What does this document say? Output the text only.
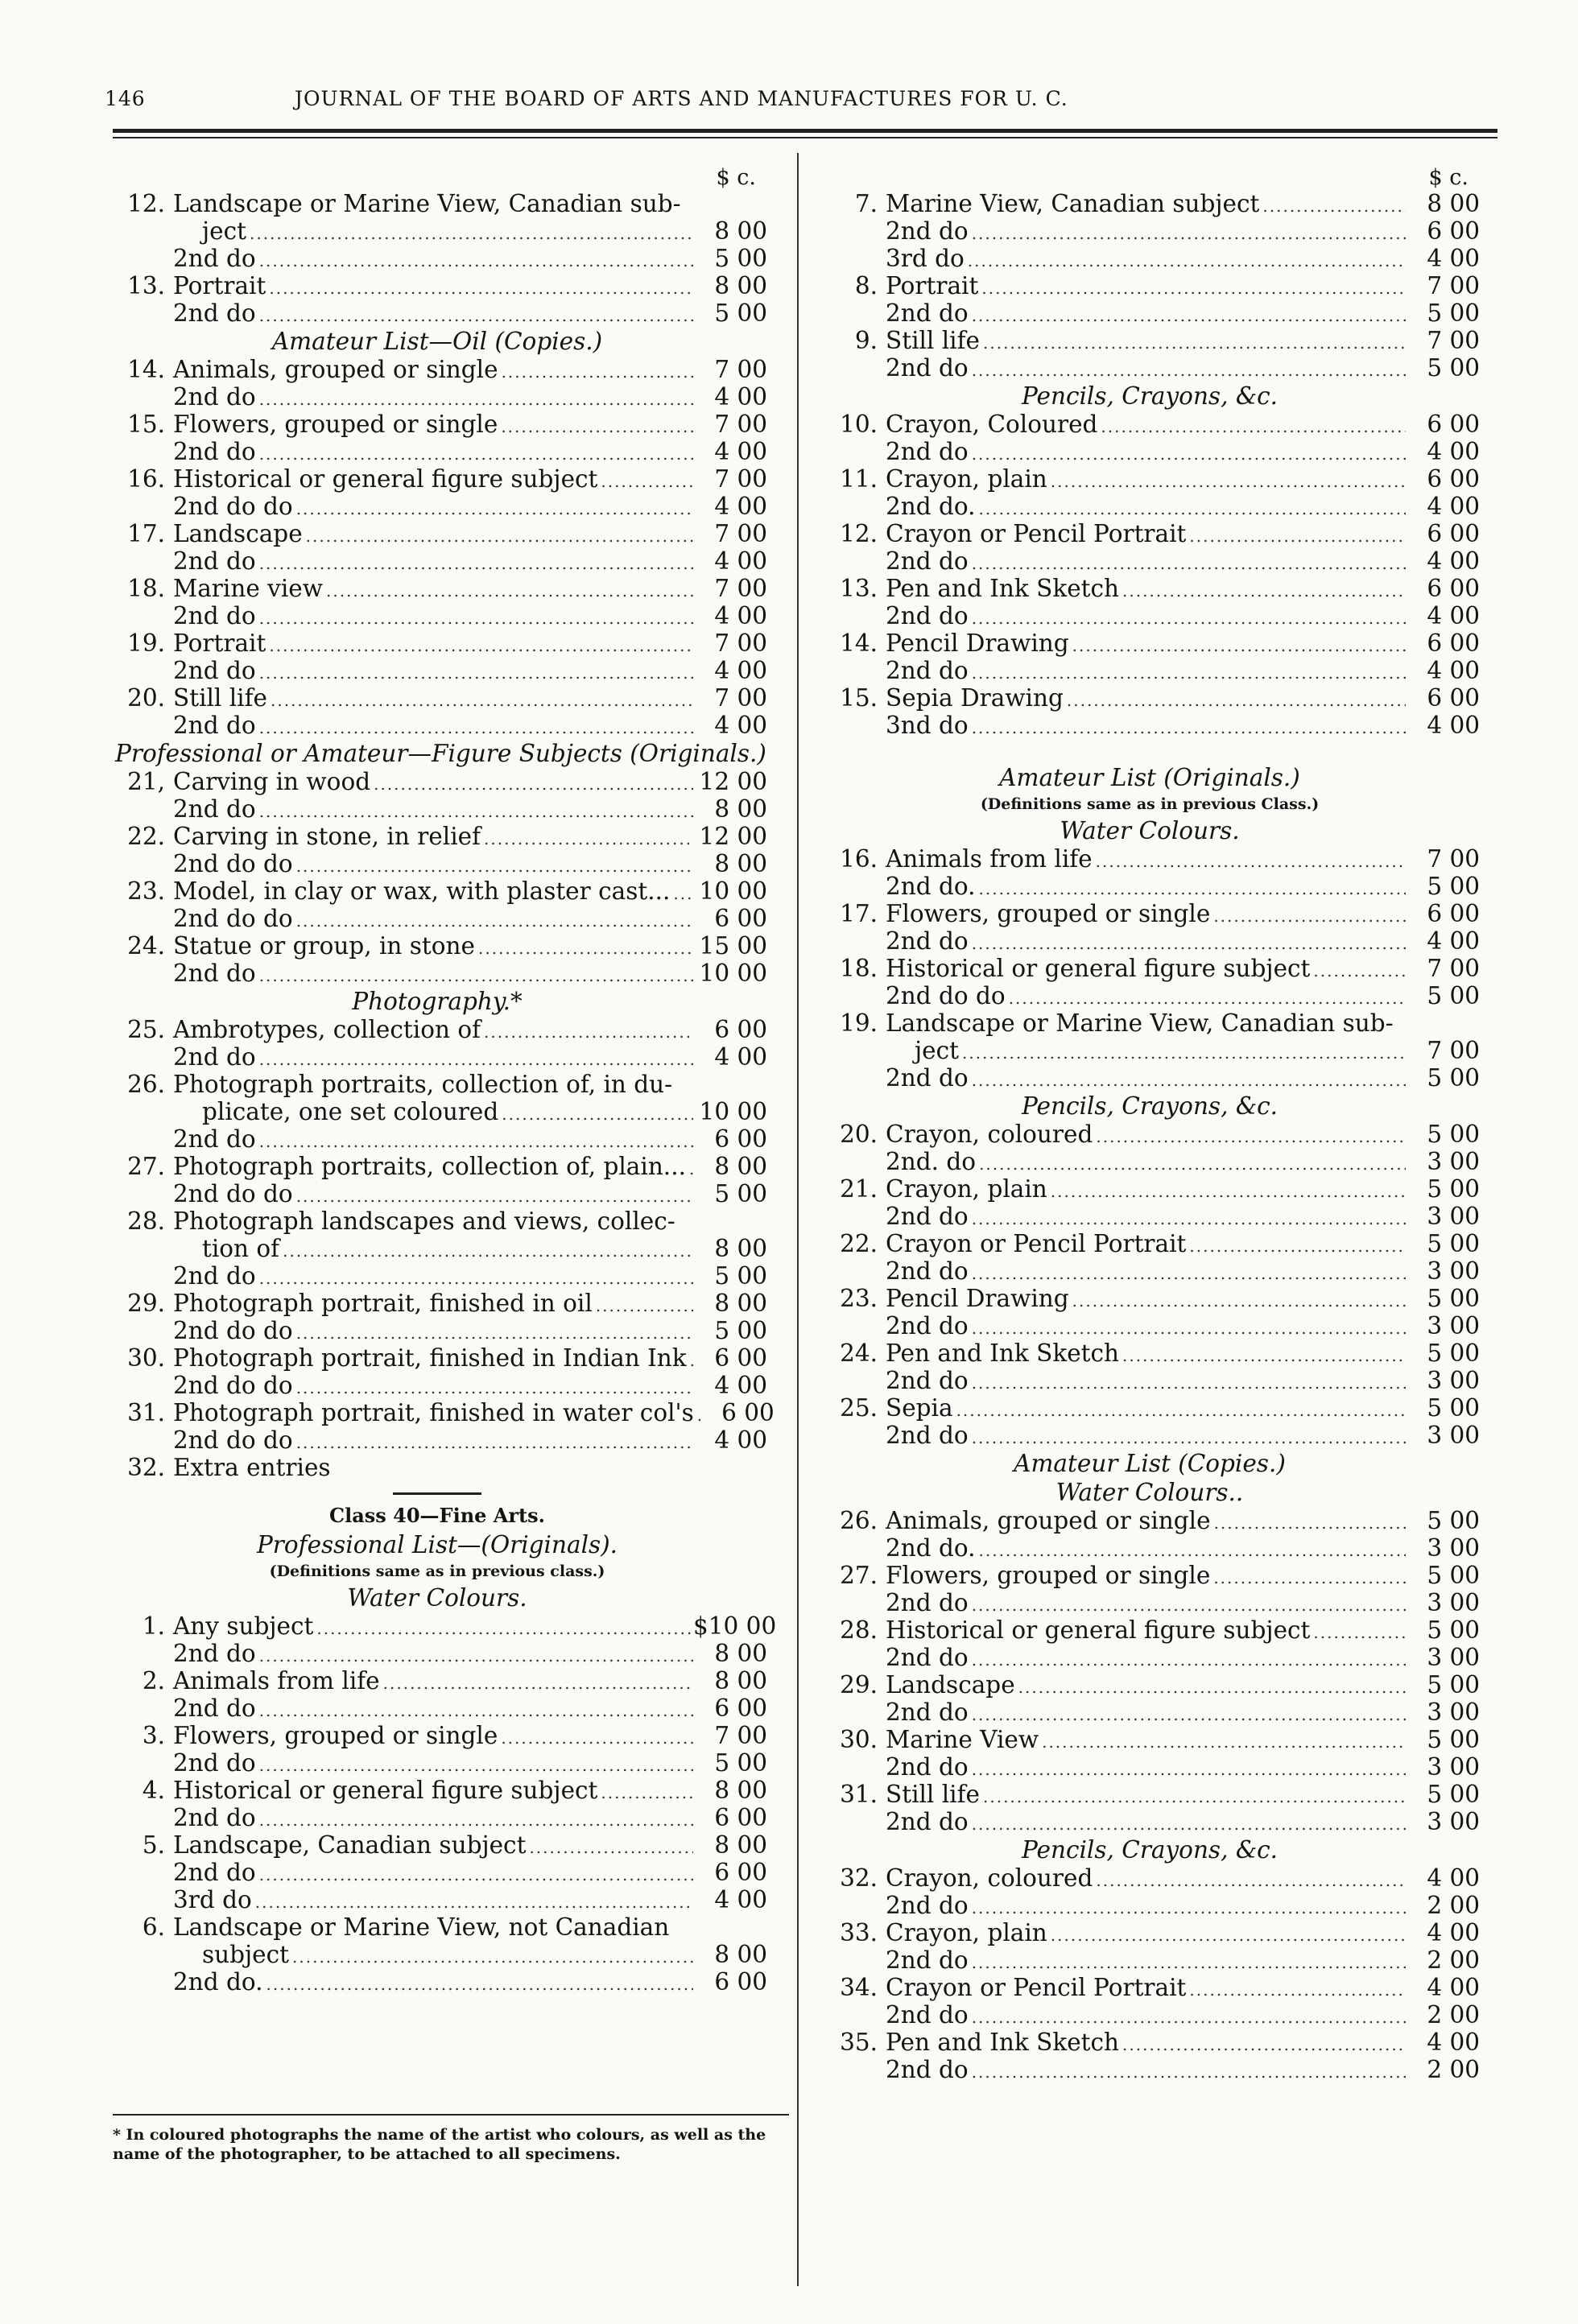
146	JOURNAL OF THE BOARD OF ARTS AND MANUFACTURES FOR U. C.
$ c.
12. Landscape or Marine View, Canadian sub-
ject .....	8 00
2nd do .....	5 00
13. Portrait .....	8 00
2nd do .....	5 00
Amateur List—Oil (Copies.)
14. Animals, grouped or single .....	7 00
2nd do .....	4 00
15. Flowers, grouped or single .....	7 00
2nd do .....	4 00
16. Historical or general figure subject .....	7 00
2nd do do .....	4 00
17. Landscape .....	7 00
2nd do .....	4 00
18. Marine view .....	7 00
2nd do .....	4 00
19. Portrait .....	7 00
2nd do .....	4 00
20. Still life .....	7 00
2nd do .....	4 00
Professional or Amateur—Figure Subjects (Originals.)
21, Carving in wood .....	12 00
2nd do .....	8 00
22. Carving in stone, in relief .....	12 00
2nd do do .....	8 00
23. Model, in clay or wax, with plaster cast... ..... 10 00
2nd do do .....	6 00
24. Statue or group, in stone .....	15 00
2nd do .....	10 00
Photography.*
25. Ambrotypes, collection of .....	6 00
2nd do .....	4 00
26. Photograph portraits, collection of, in du-
plicate, one set coloured .....	10 00
2nd do .....	6 00
27. Photograph portraits, collection of, plain... .....	8 00
2nd do do .....	5 00
28. Photograph landscapes and views, collec-
tion of .....	8 00
2nd do .....	5 00
29. Photograph portrait, finished in oil .....	8 00
2nd do do .....	5 00
30. Photograph portrait, finished in Indian Ink .....	6 00
2nd do do .....	4 00
31. Photograph portrait, finished in water col's .....	6 00
2nd do do .....	4 00
32. Extra entries
Class 40—Fine Arts.
Professional List—(Originals).
(Definitions same as in previous class.)
Water Colours.
1. Any subject .....	$10 00
2nd do .....	8 00
2. Animals from life .....	8 00
2nd do .....	6 00
3. Flowers, grouped or single .....	7 00
2nd do .....	5 00
4. Historical or general figure subject .....	8 00
2nd do .....	6 00
5. Landscape, Canadian subject .....	8 00
2nd do .....	6 00
3rd do .....	4 00
6. Landscape or Marine View, not Canadian
subject .....	8 00
2nd do. .....	6 00
$ c.
7. Marine View, Canadian subject .....	8 00
2nd do .....	6 00
3rd do .....	4 00
8. Portrait .....	7 00
2nd do .....	5 00
9. Still life .....	7 00
2nd do .....	5 00
Pencils, Crayons, &c.
10. Crayon, Coloured .....	6 00
2nd do .....	4 00
11. Crayon, plain .....	6 00
2nd do. .....	4 00
12. Crayon or Pencil Portrait .....	6 00
2nd do .....	4 00
13. Pen and Ink Sketch .....	6 00
2nd do .....	4 00
14. Pencil Drawing .....	6 00
2nd do .....	4 00
15. Sepia Drawing .....	6 00
3nd do .....	4 00
Amateur List (Originals.)
(Definitions same as in previous Class.)
Water Colours.
16. Animals from life .....	7 00
2nd do. .....	5 00
17. Flowers, grouped or single .....	6 00
2nd do .....	4 00
18. Historical or general figure subject .....	7 00
2nd do do .....	5 00
19. Landscape or Marine View, Canadian sub-
ject .....	7 00
2nd do .....	5 00
Pencils, Crayons, &c.
20. Crayon, coloured .....	5 00
2nd. do .....	3 00
21. Crayon, plain .....	5 00
2nd do .....	3 00
22. Crayon or Pencil Portrait .....	5 00
2nd do .....	3 00
23. Pencil Drawing .....	5 00
2nd do .....	3 00
24. Pen and Ink Sketch .....	5 00
2nd do .....	3 00
25. Sepia .....	5 00
2nd do .....	3 00
Amateur List (Copies.)
Water Colours..
26. Animals, grouped or single .....	5 00
2nd do. .....	3 00
27. Flowers, grouped or single .....	5 00
2nd do .....	3 00
28. Historical or general figure subject .....	5 00
2nd do .....	3 00
29. Landscape .....	5 00
2nd do .....	3 00
30. Marine View .....	5 00
2nd do .....	3 00
31. Still life .....	5 00
2nd do .....	3 00
Pencils, Crayons, &c.
32. Crayon, coloured .....	4 00
2nd do .....	2 00
33. Crayon, plain .....	4 00
2nd do .....	2 00
34. Crayon or Pencil Portrait .....	4 00
2nd do .....	2 00
35. Pen and Ink Sketch .....	4 00
2nd do .....	2 00
* In coloured photographs the name of the artist who colours, as well as the name of the photographer, to be attached to all specimens.
